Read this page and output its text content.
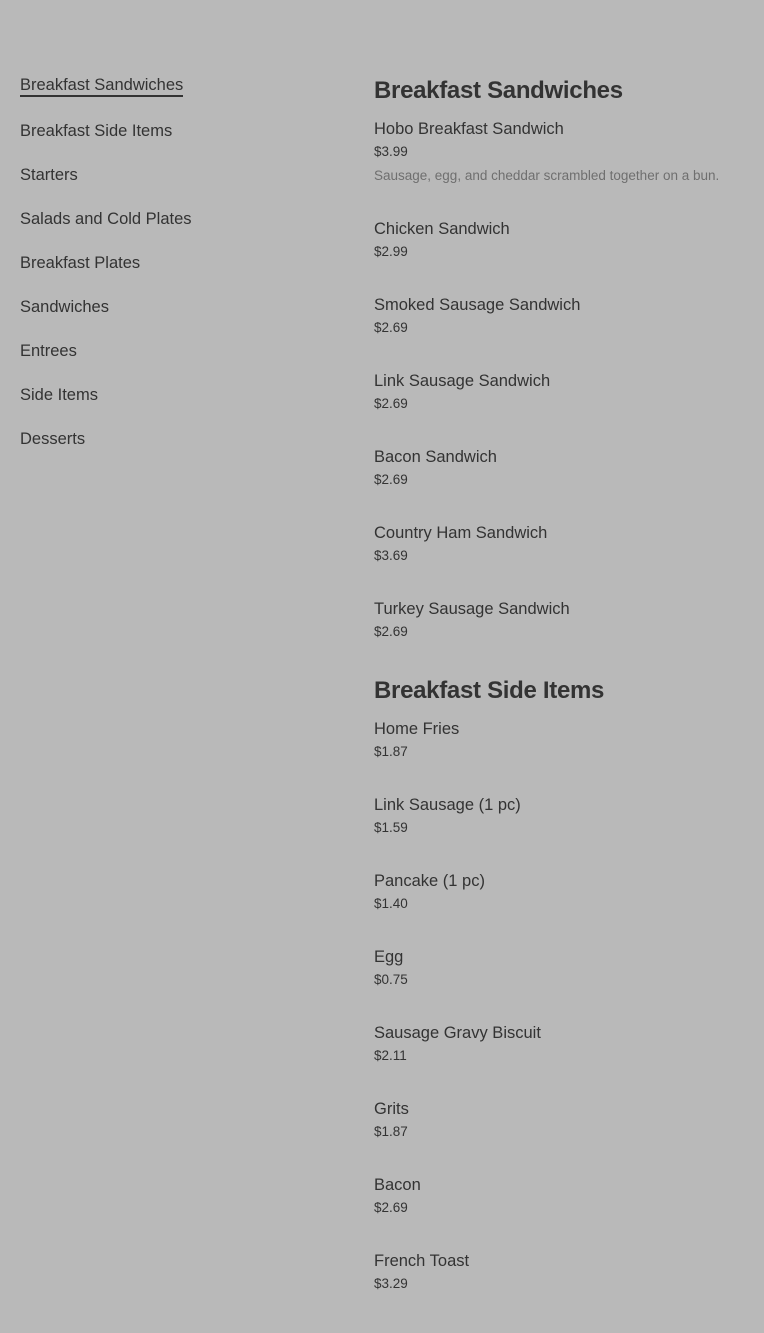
Breakfast Sandwiches
Breakfast Side Items
Starters
Salads and Cold Plates
Breakfast Plates
Sandwiches
Entrees
Side Items
Desserts
Breakfast Sandwiches
Hobo Breakfast Sandwich
$3.99
Sausage, egg, and cheddar scrambled together on a bun.
Chicken Sandwich
$2.99
Smoked Sausage Sandwich
$2.69
Link Sausage Sandwich
$2.69
Bacon Sandwich
$2.69
Country Ham Sandwich
$3.69
Turkey Sausage Sandwich
$2.69
Breakfast Side Items
Home Fries
$1.87
Link Sausage (1 pc)
$1.59
Pancake (1 pc)
$1.40
Egg
$0.75
Sausage Gravy Biscuit
$2.11
Grits
$1.87
Bacon
$2.69
French Toast
$3.29
